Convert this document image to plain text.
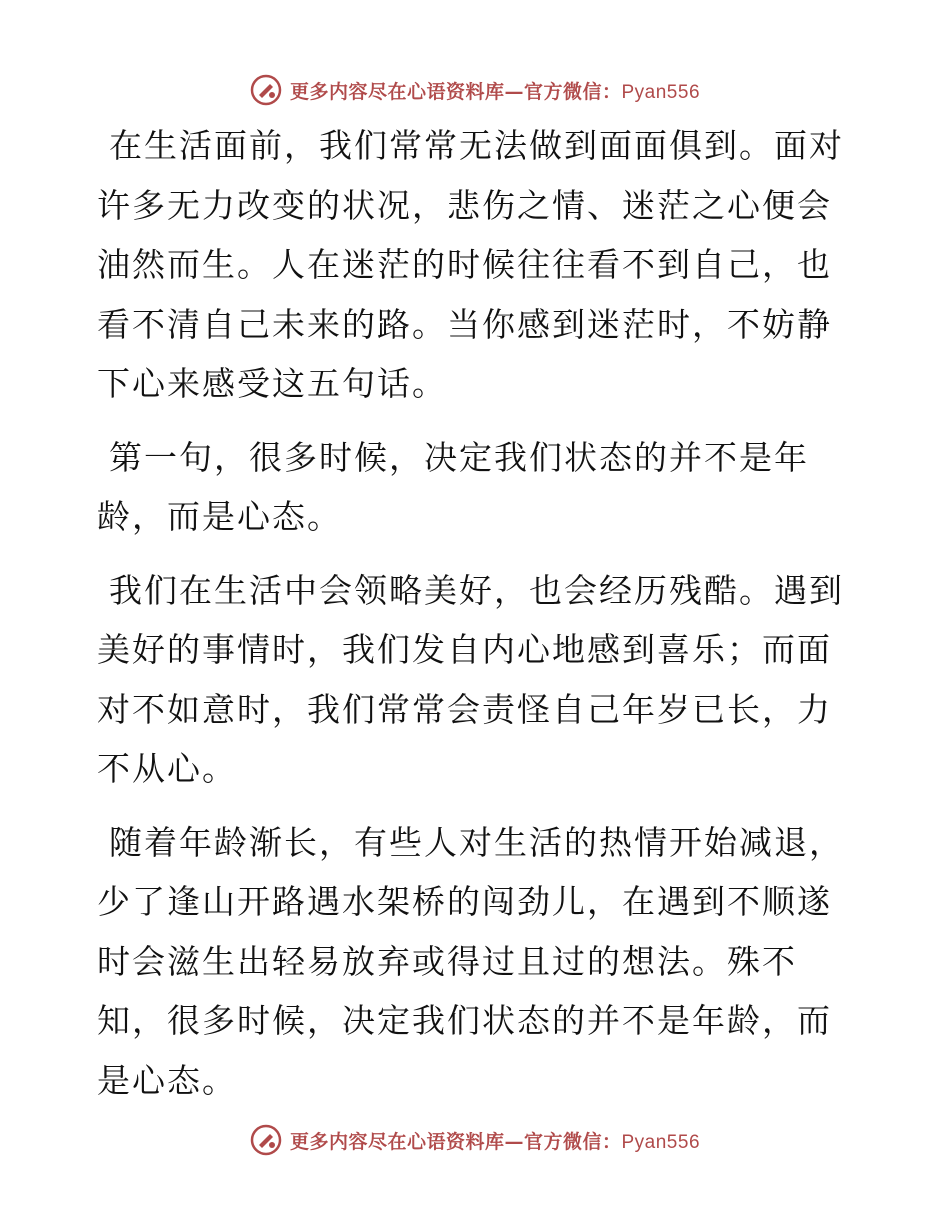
更多内容尽在心语资料库—官方微信：Pyan556

在生活面前，我们常常无法做到面面俱到。面对许多无力改变的状况，悲伤之情、迷茫之心便会油然而生。人在迷茫的时候往往看不到自己，也看不清自己未来的路。当你感到迷茫时，不妨静下心来感受这五句话。

第一句，很多时候，决定我们状态的并不是年龄，而是心态。

我们在生活中会领略美好，也会经历残酷。遇到美好的事情时，我们发自内心地感到喜乐；而面对不如意时，我们常常会责怪自己年岁已长，力不从心。

随着年龄渐长，有些人对生活的热情开始减退，少了逢山开路遇水架桥的闯劲儿，在遇到不顺遂时会滋生出轻易放弃或得过且过的想法。殊不知，很多时候，决定我们状态的并不是年龄，而是心态。

更多内容尽在心语资料库—官方微信：Pyan556
